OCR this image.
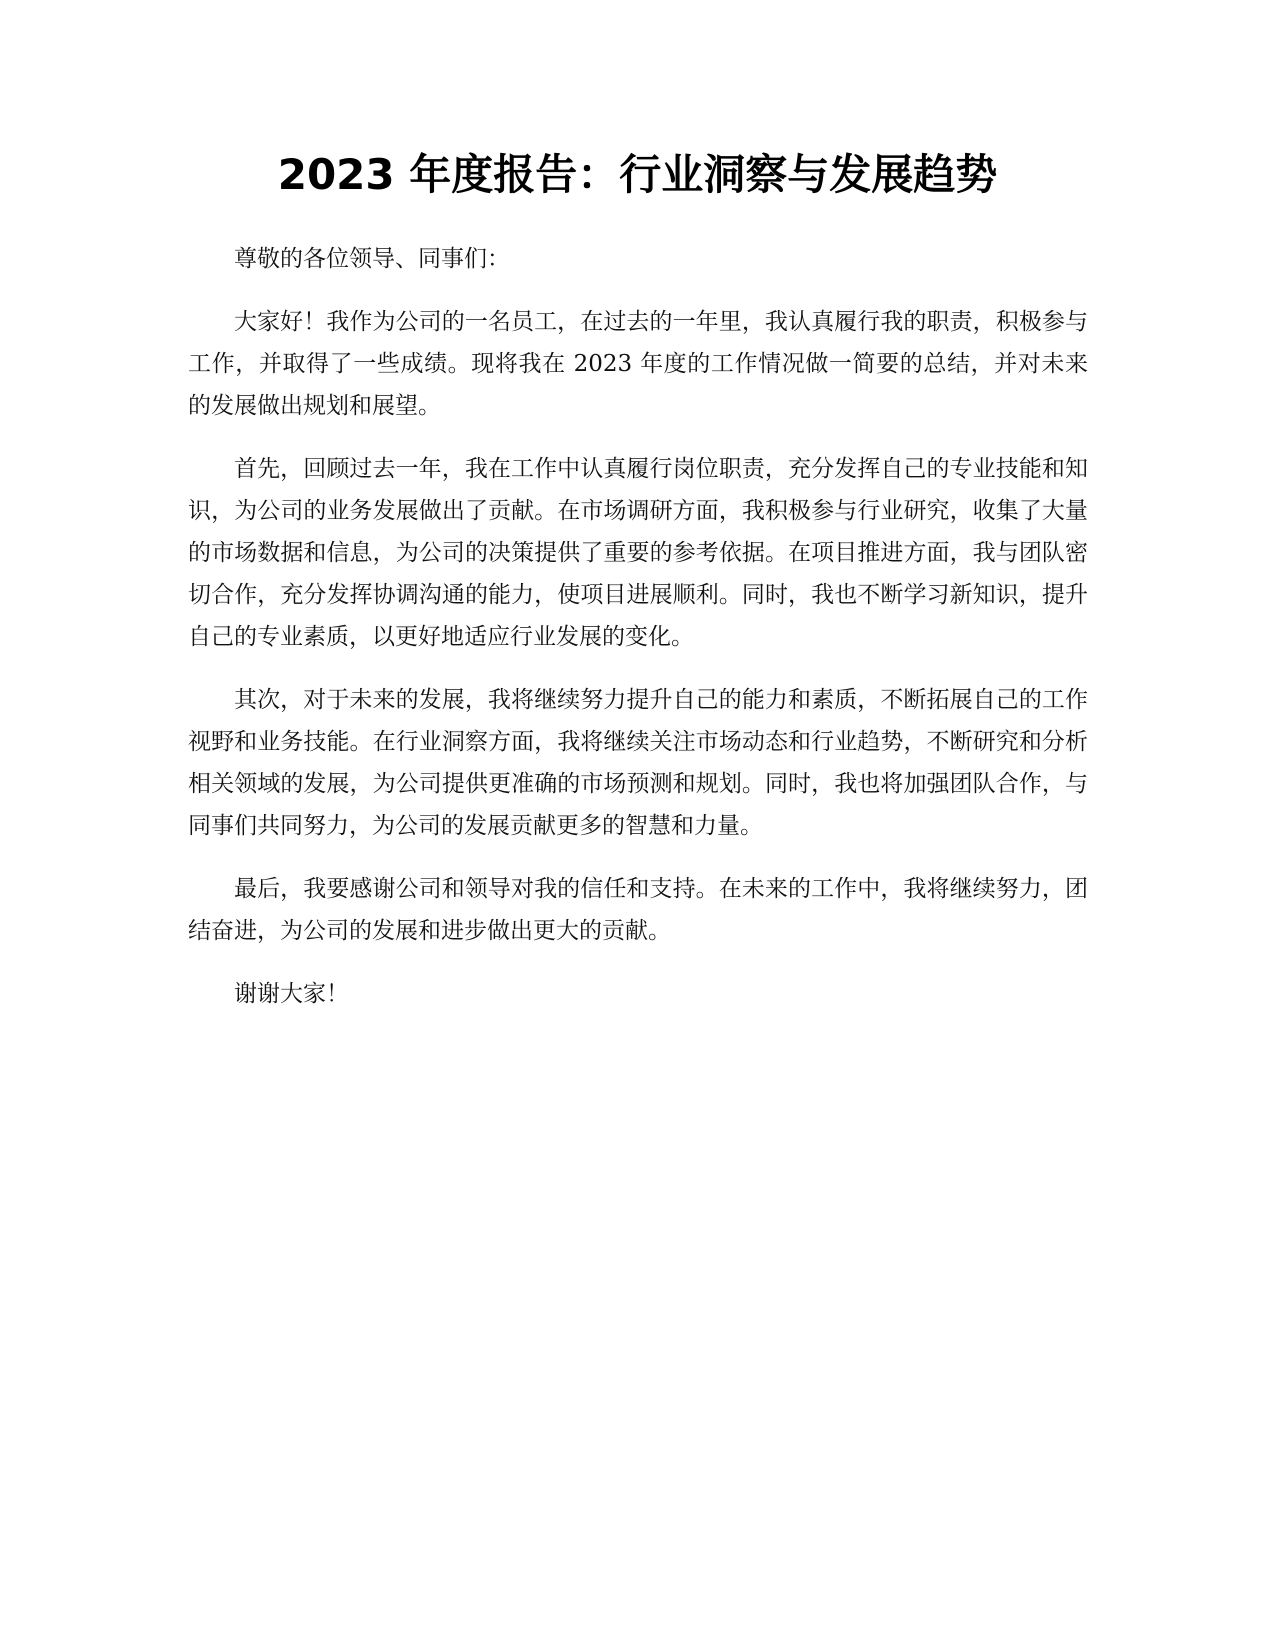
2023 年度报告：行业洞察与发展趋势

尊敬的各位领导、同事们：

大家好！我作为公司的一名员工，在过去的一年里，我认真履行我的职责，积极参与工作，并取得了一些成绩。现将我在 2023 年度的工作情况做一简要的总结，并对未来的发展做出规划和展望。

首先，回顾过去一年，我在工作中认真履行岗位职责，充分发挥自己的专业技能和知识，为公司的业务发展做出了贡献。在市场调研方面，我积极参与行业研究，收集了大量的市场数据和信息，为公司的决策提供了重要的参考依据。在项目推进方面，我与团队密切合作，充分发挥协调沟通的能力，使项目进展顺利。同时，我也不断学习新知识，提升自己的专业素质，以更好地适应行业发展的变化。

其次，对于未来的发展，我将继续努力提升自己的能力和素质，不断拓展自己的工作视野和业务技能。在行业洞察方面，我将继续关注市场动态和行业趋势，不断研究和分析相关领域的发展，为公司提供更准确的市场预测和规划。同时，我也将加强团队合作，与同事们共同努力，为公司的发展贡献更多的智慧和力量。

最后，我要感谢公司和领导对我的信任和支持。在未来的工作中，我将继续努力，团结奋进，为公司的发展和进步做出更大的贡献。

谢谢大家！
